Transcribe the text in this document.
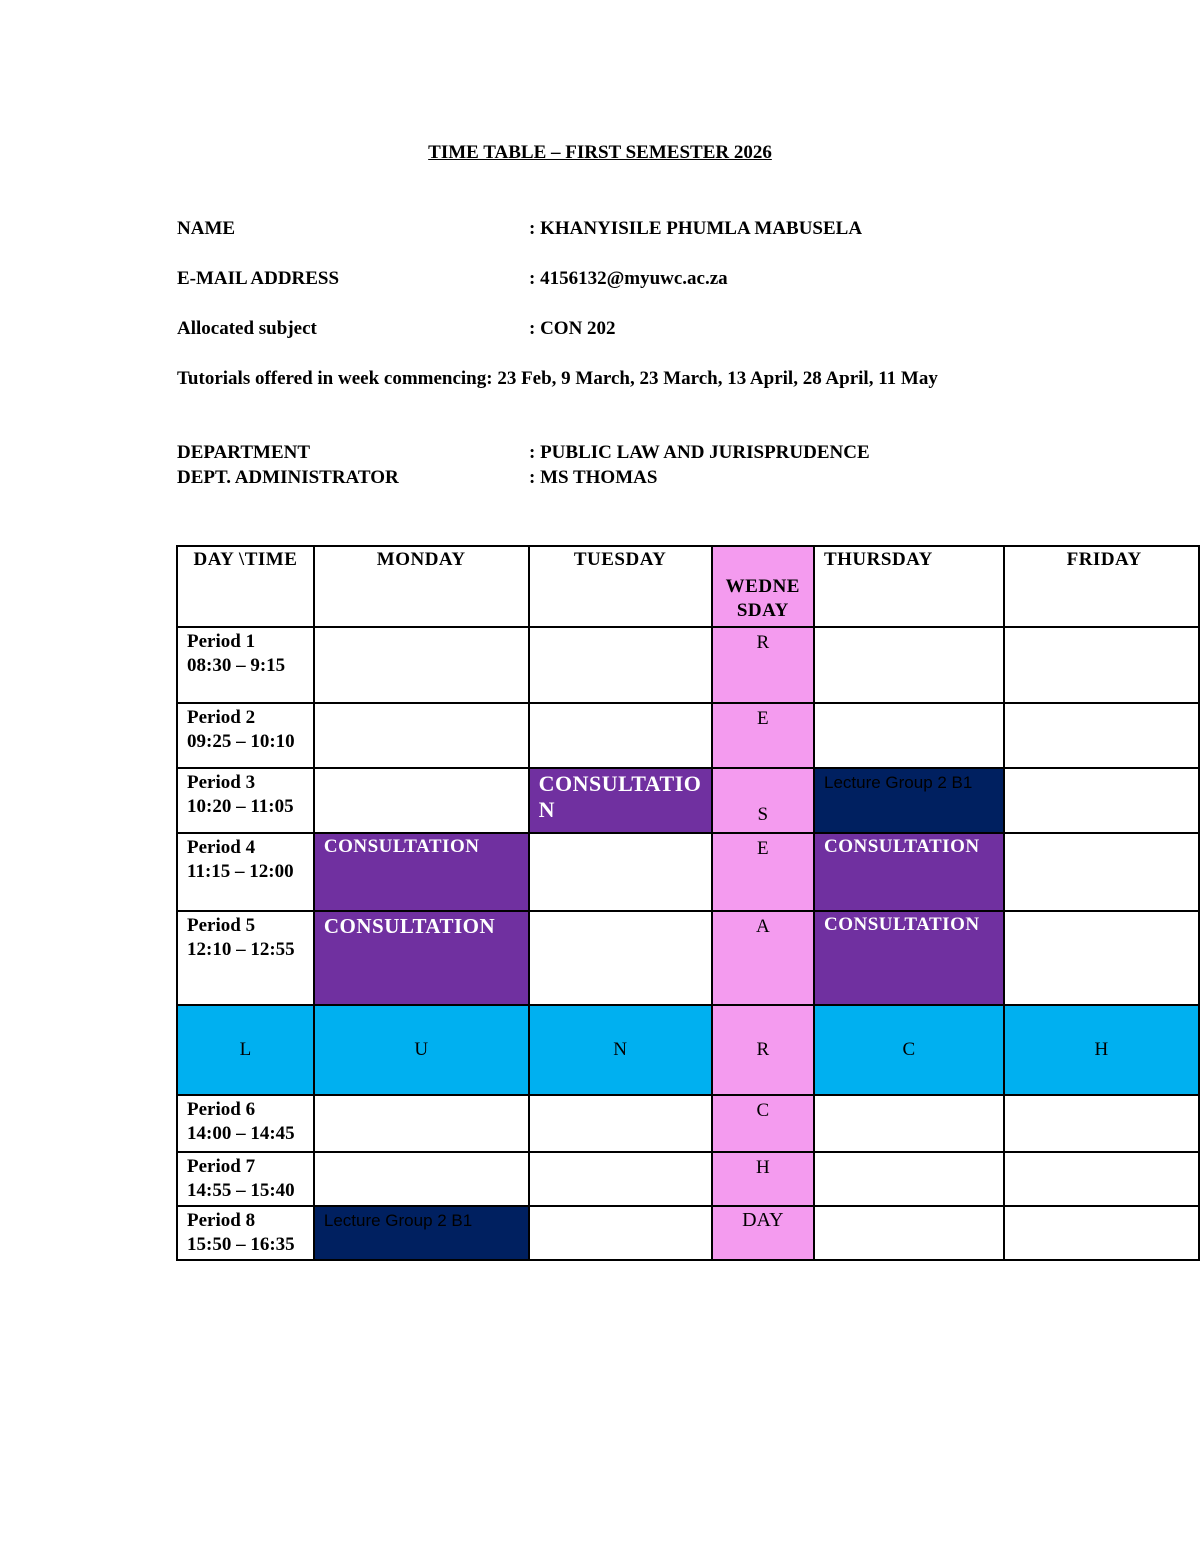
TIME TABLE – FIRST SEMESTER 2026
NAME	: KHANYISILE PHUMLA MABUSELA
E-MAIL ADDRESS	: 4156132@myuwc.ac.za
Allocated subject	: CON 202
Tutorials offered in week commencing: 23 Feb, 9 March, 23 March, 13 April, 28 April, 11 May
DEPARTMENT	: PUBLIC LAW AND JURISPRUDENCE
DEPT. ADMINISTRATOR	: MS THOMAS
DAY \TIME	MONDAY	TUESDAY	WEDNE SDAY	THURSDAY	FRIDAY
Period 1
08:30 – 9:15			R		

Period 2
09:25 – 10:10			E		

Period 3
10:20 – 11:05		CONSULTATIO N	S	Lecture Group 2 B1	
Period 4
11:15 – 12:00	CONSULTATION		E	CONSULTATION	
Period 5
12:10 – 12:55	CONSULTATION		A	CONSULTATION	
L	U	N	R	C	H
Period 6
14:00 – 14:45			C		

Period 7
14:55 – 15:40			H		

Period 8
15:50 – 16:35	Lecture Group 2 B1		DAY		
